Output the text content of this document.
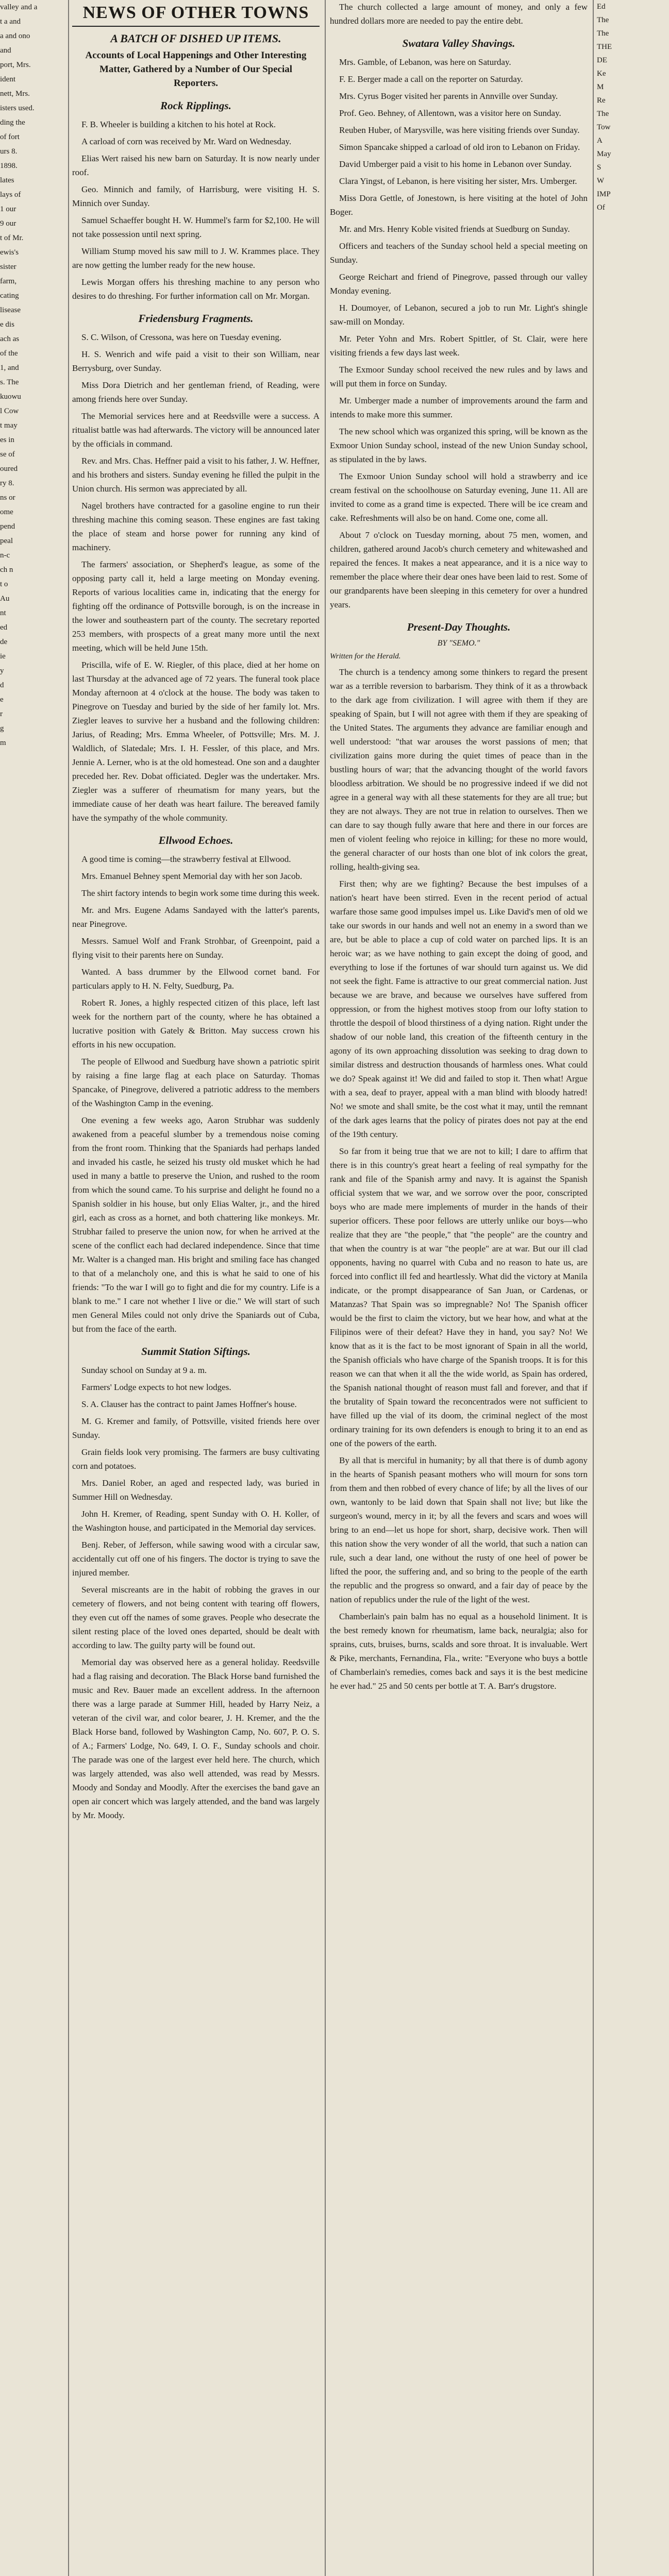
valley and a

t a and

a and ono

and

port, Mrs.

ident

nett, Mrs.

isters used.

ding the

of fort

urs 8.

1898.

lates

lays of

1 our

9 our

t of Mr.

ewis's

sister

farm,

cating

lisease

e dis

ach as

of the

1, and

s. The

kuowu

l Cow

t may

es in

se of

oured

ry 8.

ns or

ome

pend

peal

n-c

ch n

t o

Au

nt

ed

de

ie

y

d

e

r

g

m

NEWS OF OTHER TOWNS
A BATCH OF DISHED UP ITEMS.
Accounts of Local Happenings and Other Interesting Matter, Gathered by a Number of Our Special Reporters.
Rock Ripplings.

F. B. Wheeler is building a kitchen to his hotel at Rock.

A carload of corn was received by Mr. Ward on Wednesday.

Elias Wert raised his new barn on Saturday. It is now nearly under roof.

Geo. Minnich and family, of Harrisburg, were visiting H. S. Minnich over Sunday.

Samuel Schaeffer bought H. W. Hummel's farm for $2,100. He will not take possession until next spring.

William Stump moved his saw mill to J. W. Krammes place. They are now getting the lumber ready for the new house.

Lewis Morgan offers his threshing machine to any person who desires to do threshing. For further information call on Mr. Morgan.

Friedensburg Fragments.

S. C. Wilson, of Cressona, was here on Tuesday evening.

H. S. Wenrich and wife paid a visit to their son William, near Berrysburg, over Sunday.

Miss Dora Dietrich and her gentleman friend, of Reading, were among friends here over Sunday.

The Memorial services here and at Reedsville were a success. A ritualist battle was had afterwards. The victory will be announced later by the officials in command.

Rev. and Mrs. Chas. Heffner paid a visit to his father, J. W. Heffner, and his brothers and sisters. Sunday evening he filled the pulpit in the Union church. His sermon was appreciated by all.

Nagel brothers have contracted for a gasoline engine to run their threshing machine this coming season. These engines are fast taking the place of steam and horse power for running any kind of machinery.

The farmers' association, or Shepherd's league, as some of the opposing party call it, held a large meeting on Monday evening. Reports of various localities came in, indicating that the energy for fighting off the ordinance of Pottsville borough, is on the increase in the lower and southeastern part of the county. The secretary reported 253 members, with prospects of a great many more until the next meeting, which will be held June 15th.

Priscilla, wife of E. W. Riegler, of this place, died at her home on last Thursday at the advanced age of 72 years. The funeral took place Monday afternoon at 4 o'clock at the house. The body was taken to Pinegrove on Tuesday and buried by the side of her family lot. Mrs. Ziegler leaves to survive her a husband and the following children: Jarius, of Reading; Mrs. Emma Wheeler, of Pottsville; Mrs. M. J. Waldlich, of Slatedale; Mrs. I. H. Fessler, of this place, and Mrs. Jennie A. Lerner, who is at the old homestead. One son and a daughter preceded her. Rev. Dobat officiated. Degler was the undertaker. Mrs. Ziegler was a sufferer of rheumatism for many years, but the immediate cause of her death was heart failure. The bereaved family have the sympathy of the whole community.

Ellwood Echoes.

A good time is coming—the strawberry festival at Ellwood.

Mrs. Emanuel Behney spent Memorial day with her son Jacob.

The shirt factory intends to begin work some time during this week.

Mr. and Mrs. Eugene Adams Sandayed with the latter's parents, near Pinegrove.

Messrs. Samuel Wolf and Frank Strohbar, of Greenpoint, paid a flying visit to their parents here on Sunday.

Wanted. A bass drummer by the Ellwood cornet band. For particulars apply to H. N. Felty, Suedburg, Pa.

Robert R. Jones, a highly respected citizen of this place, left last week for the northern part of the county, where he has obtained a lucrative position with Gately & Britton. May success crown his efforts in his new occupation.

The people of Ellwood and Suedburg have shown a patriotic spirit by raising a fine large flag at each place on Saturday. Thomas Spancake, of Pinegrove, delivered a patriotic address to the members of the Washington Camp in the evening.

One evening a few weeks ago, Aaron Strubhar was suddenly awakened from a peaceful slumber by a tremendous noise coming from the front room. Thinking that the Spaniards had perhaps landed and invaded his castle, he seized his trusty old musket which he had used in many a battle to preserve the Union, and rushed to the room from which the sound came. To his surprise and delight he found no a Spanish soldier in his house, but only Elias Walter, jr., and the hired girl, each as cross as a hornet, and both chattering like monkeys. Mr. Strubhar failed to preserve the union now, for when he arrived at the scene of the conflict each had declared independence. Since that time Mr. Walter is a changed man. His bright and smiling face has changed to that of a melancholy one, and this is what he said to one of his friends: "To the war I will go to fight and die for my country. Life is a blank to me." I care not whether I live or die." We will start of such men General Miles could not only drive the Spaniards out of Cuba, but from the face of the earth.

Summit Station Siftings.

Sunday school on Sunday at 9 a. m.

Farmers' Lodge expects to hot new lodges.

S. A. Clauser has the contract to paint James Hoffner's house.

M. G. Kremer and family, of Pottsville, visited friends here over Sunday.

Grain fields look very promising. The farmers are busy cultivating corn and potatoes.

Mrs. Daniel Rober, an aged and respected lady, was buried in Summer Hill on Wednesday.

John H. Kremer, of Reading, spent Sunday with O. H. Koller, of the Washington house, and participated in the Memorial day services.

Benj. Reber, of Jefferson, while sawing wood with a circular saw, accidentally cut off one of his fingers. The doctor is trying to save the injured member.

Several miscreants are in the habit of robbing the graves in our cemetery of flowers, and not being content with tearing off flowers, they even cut off the names of some graves. People who desecrate the silent resting place of the loved ones departed, should be dealt with according to law. The guilty party will be found out.

Memorial day was observed here as a general holiday. Reedsville had a flag raising and decoration. The Black Horse band furnished the music and Rev. Bauer made an excellent address. In the afternoon there was a large parade at Summer Hill, headed by Harry Neiz, a veteran of the civil war, and color bearer, J. H. Kremer, and the the Black Horse band, followed by Washington Camp, No. 607, P. O. S. of A.; Farmers' Lodge, No. 649, I. O. F., Sunday schools and choir. The parade was one of the largest ever held here. The church, which was largely attended, was also well attended, was read by Messrs. Moody and Sonday and Moodly. After the exercises the band gave an open air concert which was largely attended, and the band was largely by Mr. Moody.

The church collected a large amount of money, and only a few hundred dollars more are needed to pay the entire debt.

Swatara Valley Shavings.

Mrs. Gamble, of Lebanon, was here on Saturday.

F. E. Berger made a call on the reporter on Saturday.

Mrs. Cyrus Boger visited her parents in Annville over Sunday.

Prof. Geo. Behney, of Allentown, was a visitor here on Sunday.

Reuben Huber, of Marysville, was here visiting friends over Sunday.

Simon Spancake shipped a carload of old iron to Lebanon on Friday.

David Umberger paid a visit to his home in Lebanon over Sunday.

Clara Yingst, of Lebanon, is here visiting her sister, Mrs. Umberger.

Miss Dora Gettle, of Jonestown, is here visiting at the hotel of John Boger.

Mr. and Mrs. Henry Koble visited friends at Suedburg on Sunday.

Officers and teachers of the Sunday school held a special meeting on Sunday.

George Reichart and friend of Pinegrove, passed through our valley Monday evening.

H. Doumoyer, of Lebanon, secured a job to run Mr. Light's shingle saw-mill on Monday.

Mr. Peter Yohn and Mrs. Robert Spittler, of St. Clair, were here visiting friends a few days last week.

The Exmoor Sunday school received the new rules and by laws and will put them in force on Sunday.

Mr. Umberger made a number of improvements around the farm and intends to make more this summer.

The new school which was organized this spring, will be known as the Exmoor Union Sunday school, instead of the new Union Sunday school, as stipulated in the by laws.

The Exmoor Union Sunday school will hold a strawberry and ice cream festival on the schoolhouse on Saturday evening, June 11. All are invited to come as a grand time is expected. There will be ice cream and cake. Refreshments will also be on hand. Come one, come all.

About 7 o'clock on Tuesday morning, about 75 men, women, and children, gathered around Jacob's church cemetery and whitewashed and repaired the fences. It makes a neat appearance, and it is a nice way to remember the place where their dear ones have been laid to rest. Some of our grandparents have been sleeping in this cemetery for over a hundred years.

Present-Day Thoughts.
BY "SEMO."
Written for the Herald.

The church is a tendency among some thinkers to regard the present war as a terrible reversion to barbarism. They think of it as a throwback to the dark age from civilization. I will agree with them if they are speaking of Spain, but I will not agree with them if they are speaking of the United States. The arguments they advance are familiar enough and well understood: "that war arouses the worst passions of men; that civilization gains more during the quiet times of peace than in the bustling hours of war; that the advancing thought of the world favors bloodless arbitration. We should be no progressive indeed if we did not agree in a general way with all these statements for they are all true; but they are not always. They are not true in relation to ourselves. Then we can dare to say though fully aware that here and there in our forces are men of violent feeling who rejoice in killing; for these no more would, the general character of our hosts than one blot of ink colors the great, rolling, health-giving sea.

First then; why are we fighting? Because the best impulses of a nation's heart have been stirred. Even in the recent period of actual warfare those same good impulses impel us. Like David's men of old we take our swords in our hands and well not an enemy in a sword than we are, but be able to place a cup of cold water on parched lips. It is an heroic war; as we have nothing to gain except the doing of good, and everything to lose if the fortunes of war should turn against us. We did not seek the fight. Fame is attractive to our great commercial nation. Just because we are brave, and because we ourselves have suffered from oppression, or from the highest motives stoop from our lofty station to throttle the despoil of blood thirstiness of a dying nation. Right under the shadow of our noble land, this creation of the fifteenth century in the agony of its own approaching dissolution was seeking to drag down to similar distress and destruction thousands of harmless ones. What could we do? Speak against it! We did and failed to stop it. Then what! Argue with a sea, deaf to prayer, appeal with a man blind with bloody hatred! No! we smote and shall smite, be the cost what it may, until the remnant of the dark ages learns that the policy of pirates does not pay at the end of the 19th century.

So far from it being true that we are not to kill; I dare to affirm that there is in this country's great heart a feeling of real sympathy for the rank and file of the Spanish army and navy. It is against the Spanish official system that we war, and we sorrow over the poor, conscripted boys who are made mere implements of murder in the hands of their superior officers. These poor fellows are utterly unlike our boys—who realize that they are "the people," that "the people" are the country and that when the country is at war "the people" are at war. But our ill clad opponents, having no quarrel with Cuba and no reason to hate us, are forced into conflict ill fed and heartlessly. What did the victory at Manila indicate, or the prompt disappearance of San Juan, or Cardenas, or Matanzas? That Spain was so impregnable? No! The Spanish officer would be the first to claim the victory, but we hear how, and what at the Filipinos were of their defeat? Have they in hand, you say? No! We know that as it is the fact to be most ignorant of Spain in all the world, the Spanish officials who have charge of the Spanish troops. It is for this reason we can that when it all the the wide world, as Spain has ordered, the Spanish national thought of reason must fall and forever, and that if the brutality of Spain toward the reconcentrados were not sufficient to have filled up the vial of its doom, the criminal neglect of the most ordinary training for its own defenders is enough to bring it to an end as one of the powers of the earth.

By all that is merciful in humanity; by all that there is of dumb agony in the hearts of Spanish peasant mothers who will mourn for sons torn from them and then robbed of every chance of life; by all the lives of our own, wantonly to be laid down that Spain shall not live; but like the surgeon's wound, mercy in it; by all the fevers and scars and woes will bring to an end—let us hope for short, sharp, decisive work. Then will this nation show the very wonder of all the world, that such a nation can rule, such a dear land, one without the rusty of one heel of power be lifted the poor, the suffering and, and so bring to the people of the earth the republic and the progress so onward, and a fair day of peace by the nation of republics under the rule of the light of the west.

Chamberlain's pain balm has no equal as a household liniment. It is the best remedy known for rheumatism, lame back, neuralgia; also for sprains, cuts, bruises, burns, scalds and sore throat. It is invaluable. Wert & Pike, merchants, Fernandina, Fla., write: "Everyone who buys a bottle of Chamberlain's remedies, comes back and says it is the best medicine he ever had." 25 and 50 cents per bottle at T. A. Barr's drugstore.

Ed

The

The

THE

DE

Ke

M

Re

The

Tow

A

May

S

W

IMP

Of
